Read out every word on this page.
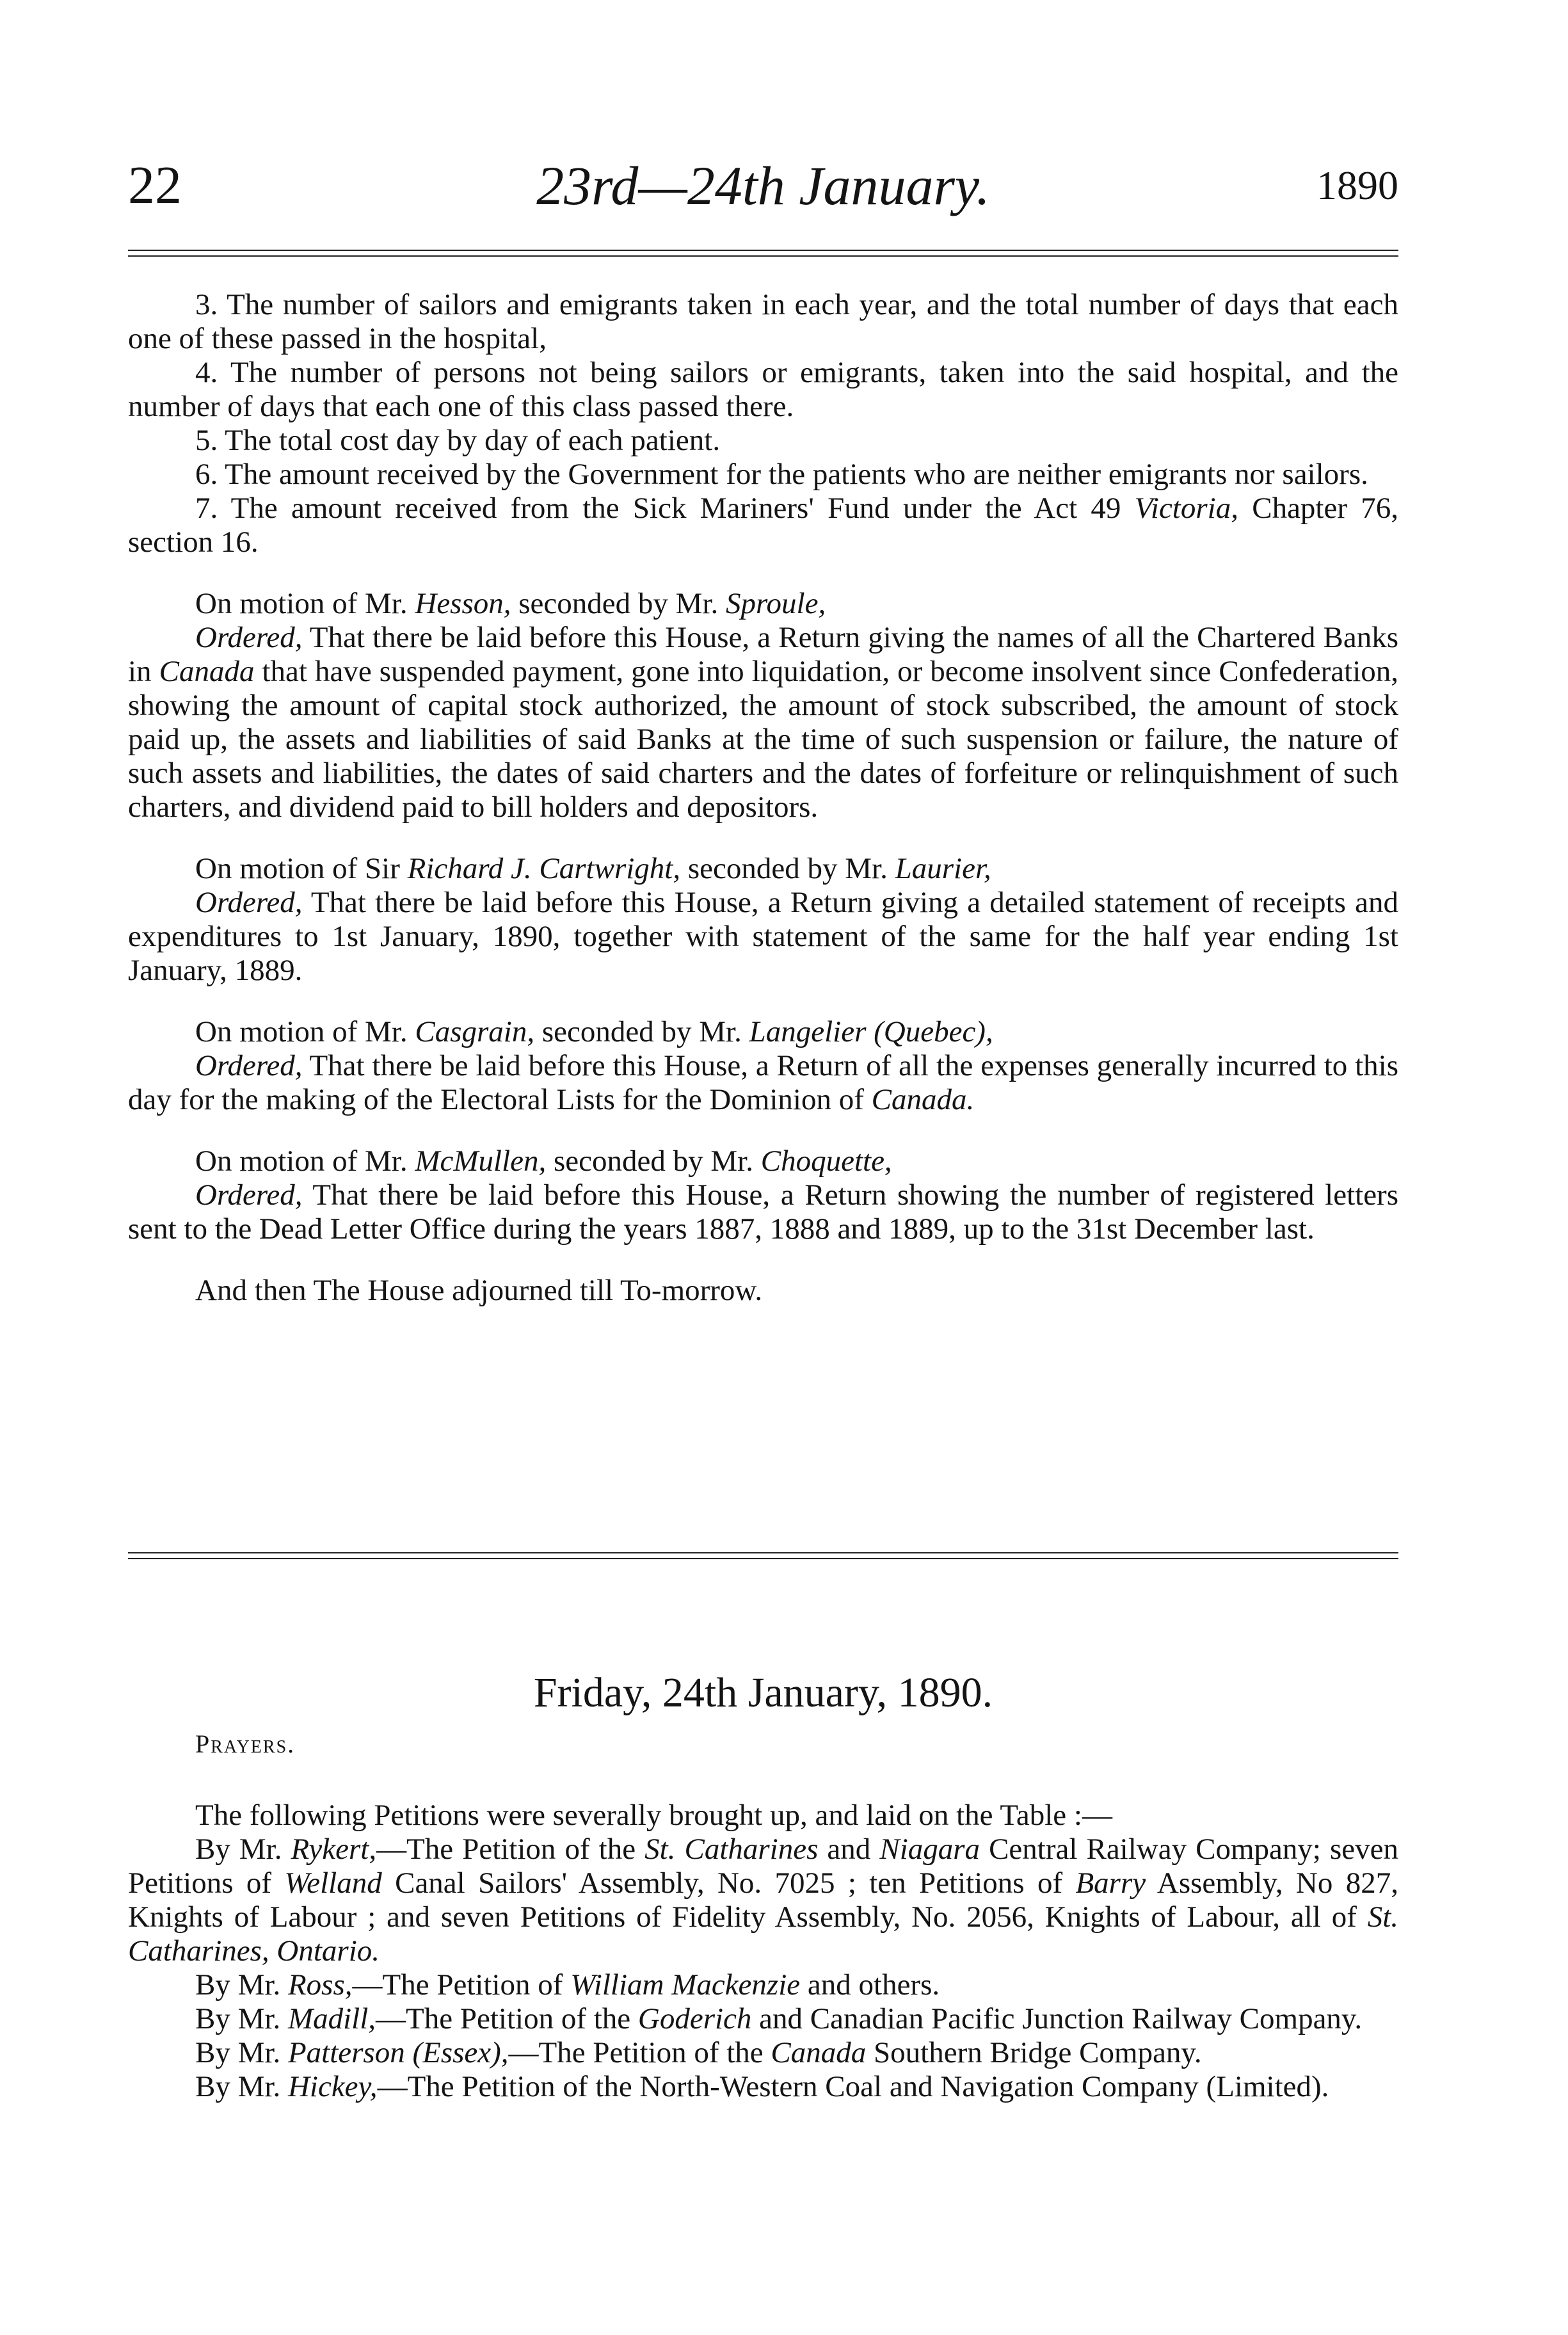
22	23rd—24th January.	1890

3. The number of sailors and emigrants taken in each year, and the total number of days that each one of these passed in the hospital,

4. The number of persons not being sailors or emigrants, taken into the said hospital, and the number of days that each one of this class passed there.

5. The total cost day by day of each patient.

6. The amount received by the Government for the patients who are neither emigrants nor sailors.

7. The amount received from the Sick Mariners' Fund under the Act 49 Victoria, Chapter 76, section 16.

On motion of Mr. Hesson, seconded by Mr. Sproule,

Ordered, That there be laid before this House, a Return giving the names of all the Chartered Banks in Canada that have suspended payment, gone into liquidation, or become insolvent since Confederation, showing the amount of capital stock authorized, the amount of stock subscribed, the amount of stock paid up, the assets and liabilities of said Banks at the time of such suspension or failure, the nature of such assets and liabilities, the dates of said charters and the dates of forfeiture or relinquishment of such charters, and dividend paid to bill holders and depositors.

On motion of Sir Richard J. Cartwright, seconded by Mr. Laurier,

Ordered, That there be laid before this House, a Return giving a detailed statement of receipts and expenditures to 1st January, 1890, together with statement of the same for the half year ending 1st January, 1889.

On motion of Mr. Casgrain, seconded by Mr. Langelier (Quebec),

Ordered, That there be laid before this House, a Return of all the expenses generally incurred to this day for the making of the Electoral Lists for the Dominion of Canada.

On motion of Mr. McMullen, seconded by Mr. Choquette,

Ordered, That there be laid before this House, a Return showing the number of registered letters sent to the Dead Letter Office during the years 1887, 1888 and 1889, up to the 31st December last.

And then The House adjourned till To-morrow.

Friday, 24th January, 1890.
Prayers.

The following Petitions were severally brought up, and laid on the Table :—

By Mr. Rykert,—The Petition of the St. Catharines and Niagara Central Railway Company; seven Petitions of Welland Canal Sailors' Assembly, No. 7025 ; ten Petitions of Barry Assembly, No 827, Knights of Labour ; and seven Petitions of Fidelity Assembly, No. 2056, Knights of Labour, all of St. Catharines, Ontario.

By Mr. Ross,—The Petition of William Mackenzie and others.

By Mr. Madill,—The Petition of the Goderich and Canadian Pacific Junction Railway Company.

By Mr. Patterson (Essex),—The Petition of the Canada Southern Bridge Company.

By Mr. Hickey,—The Petition of the North-Western Coal and Navigation Company (Limited).
